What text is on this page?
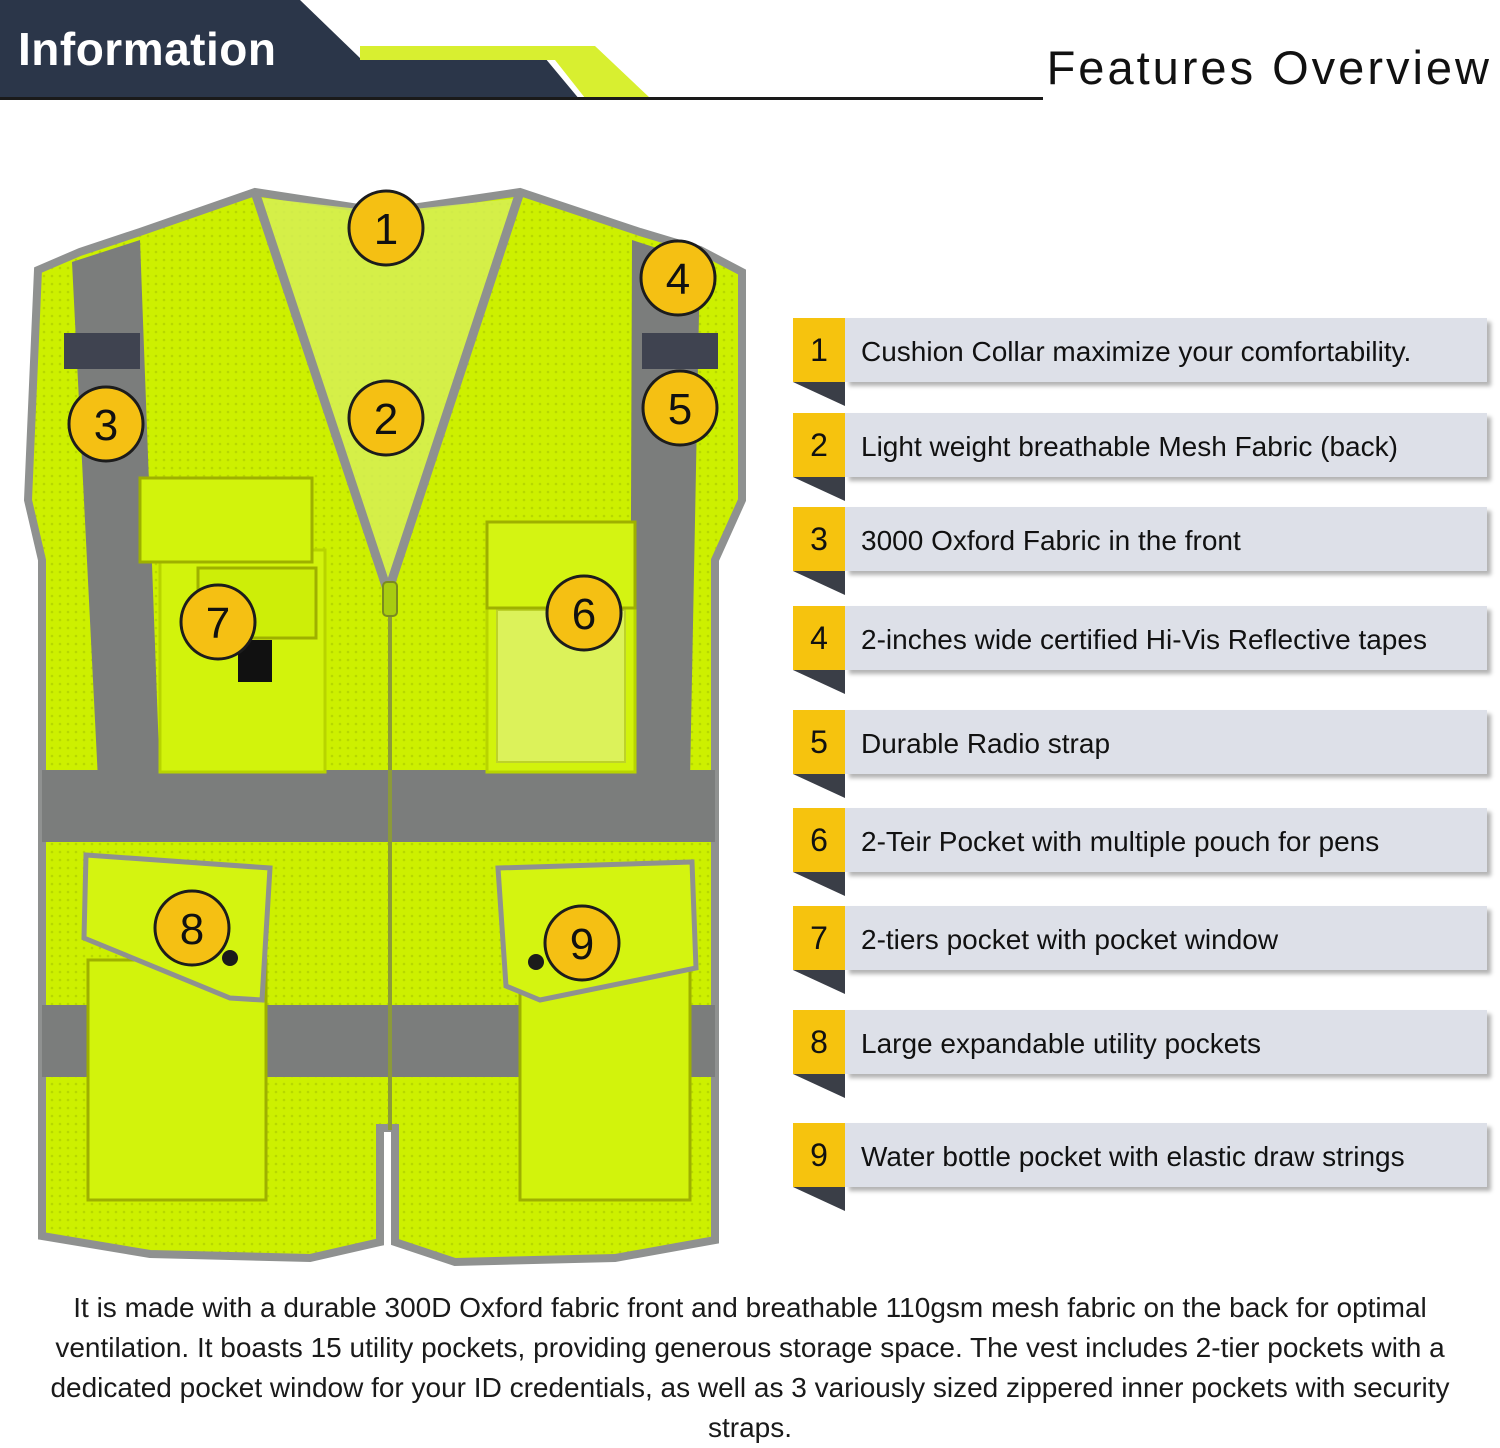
Information	Features Overview
1
2
3
4
5
6
7
8	9
Cushion Collar maximize your comfortability.
1
Light weight breathable Mesh Fabric (back)
2
3000 Oxford Fabric in the front
3
2-inches wide certified Hi-Vis Reflective tapes
4
Durable Radio strap
5
2-Teir Pocket with multiple pouch for pens
6
2-tiers pocket with pocket window
7
Large expandable utility pockets
8
Water bottle pocket with elastic draw strings
9

It is made with a durable 300D Oxford fabric front and breathable 110gsm mesh fabric on the back for optimal ventilation. It boasts 15 utility pockets, providing generous storage space. The vest includes 2-tier pockets with a dedicated pocket window for your ID credentials, as well as 3 variously sized zippered inner pockets with security straps.
